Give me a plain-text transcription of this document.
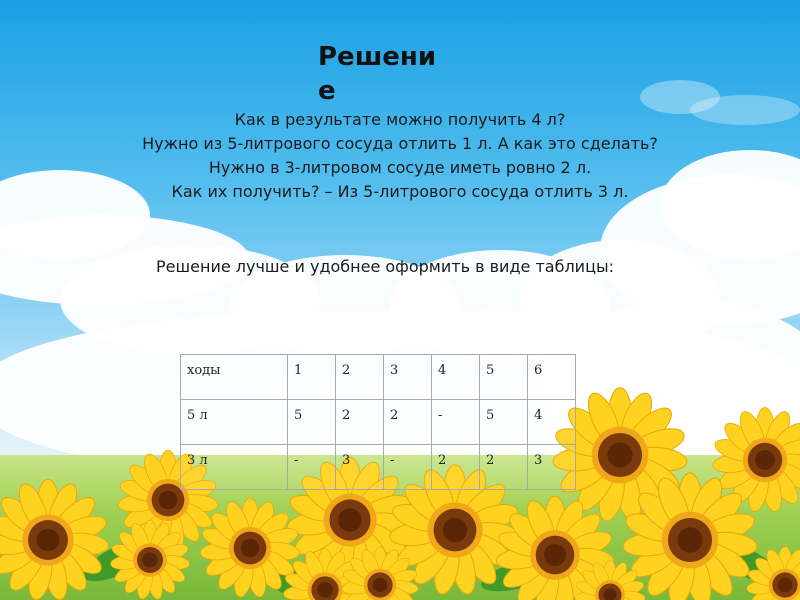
Решение
Как в результате можно получить 4 л?
Нужно из 5-литрового сосуда отлить 1 л. А как это сделать?
Нужно в 3-литровом сосуде иметь ровно 2 л.
Как их получить? – Из 5-литрового сосуда отлить 3 л.
Решение лучше и удобнее оформить в виде таблицы:
ходы	1	2	3	4	5	6
5 л	5	2	2	-	5	4
3 л	-	3	-	2	2	3
